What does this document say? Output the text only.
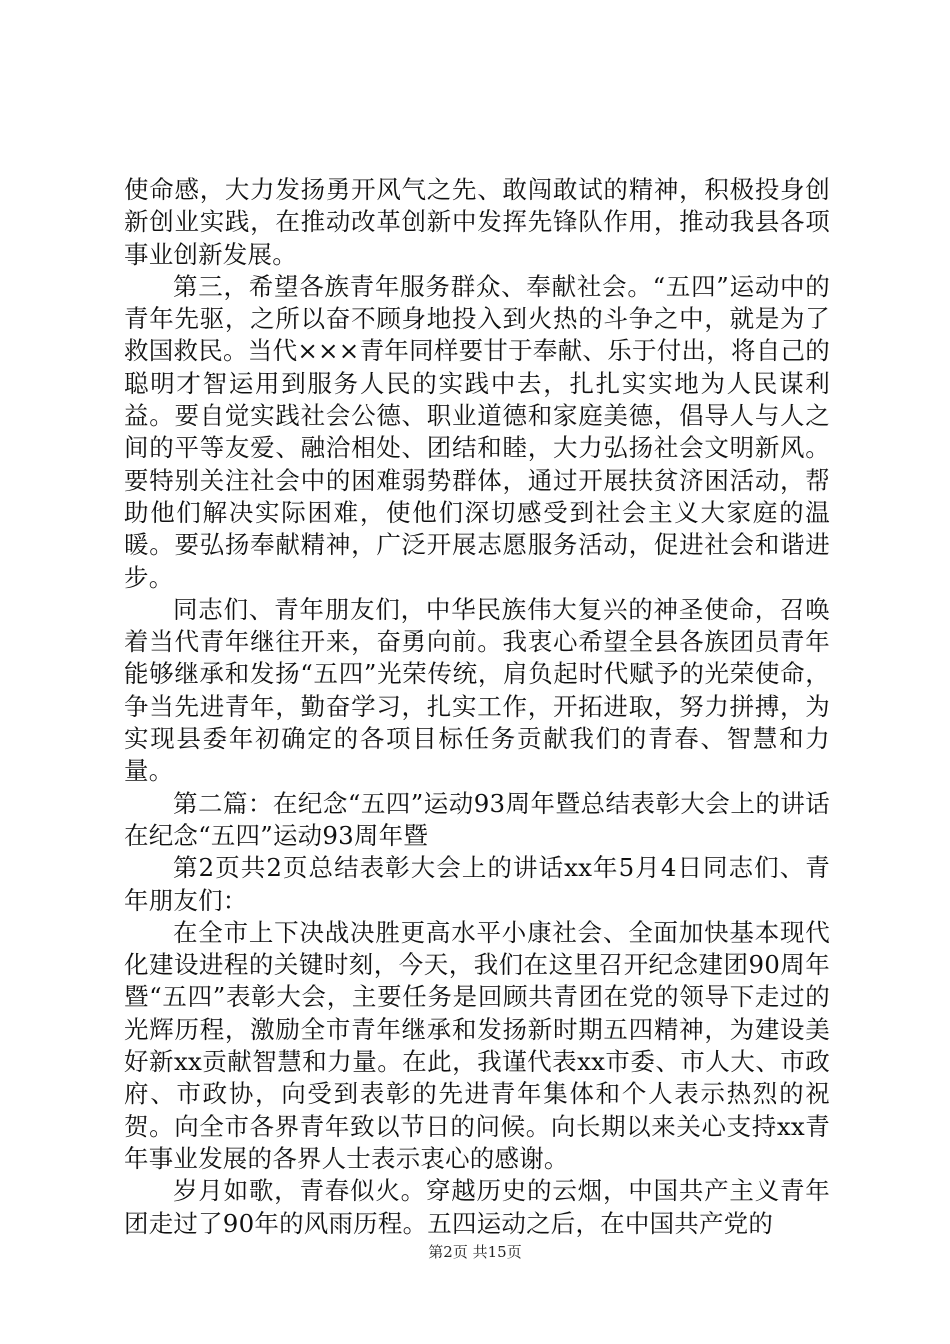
使命感，大力发扬勇开风气之先、敢闯敢试的精神，积极投身创新创业实践，在推动改革创新中发挥先锋队作用，推动我县各项事业创新发展。

第三，希望各族青年服务群众、奉献社会。“五四”运动中的青年先驱，之所以奋不顾身地投入到火热的斗争之中，就是为了救国救民。当代×××青年同样要甘于奉献、乐于付出，将自己的聪明才智运用到服务人民的实践中去，扎扎实实地为人民谋利益。要自觉实践社会公德、职业道德和家庭美德，倡导人与人之间的平等友爱、融洽相处、团结和睦，大力弘扬社会文明新风。要特别关注社会中的困难弱势群体，通过开展扶贫济困活动，帮助他们解决实际困难，使他们深切感受到社会主义大家庭的温暖。要弘扬奉献精神，广泛开展志愿服务活动，促进社会和谐进步。

同志们、青年朋友们，中华民族伟大复兴的神圣使命，召唤着当代青年继往开来，奋勇向前。我衷心希望全县各族团员青年能够继承和发扬“五四”光荣传统，肩负起时代赋予的光荣使命，争当先进青年，勤奋学习，扎实工作，开拓进取，努力拼搏，为实现县委年初确定的各项目标任务贡献我们的青春、智慧和力量。

第二篇：在纪念“五四”运动93周年暨总结表彰大会上的讲话在纪念“五四”运动93周年暨

第2页共2页总结表彰大会上的讲话xx年5月4日同志们、青年朋友们：

在全市上下决战决胜更高水平小康社会、全面加快基本现代化建设进程的关键时刻，今天，我们在这里召开纪念建团90周年暨“五四”表彰大会，主要任务是回顾共青团在党的领导下走过的光辉历程，激励全市青年继承和发扬新时期五四精神，为建设美好新xx贡献智慧和力量。在此，我谨代表xx市委、市人大、市政府、市政协，向受到表彰的先进青年集体和个人表示热烈的祝贺。向全市各界青年致以节日的问候。向长期以来关心支持xx青年事业发展的各界人士表示衷心的感谢。

岁月如歌，青春似火。穿越历史的云烟，中国共产主义青年团走过了90年的风雨历程。五四运动之后，在中国共产党的

第2页 共15页
